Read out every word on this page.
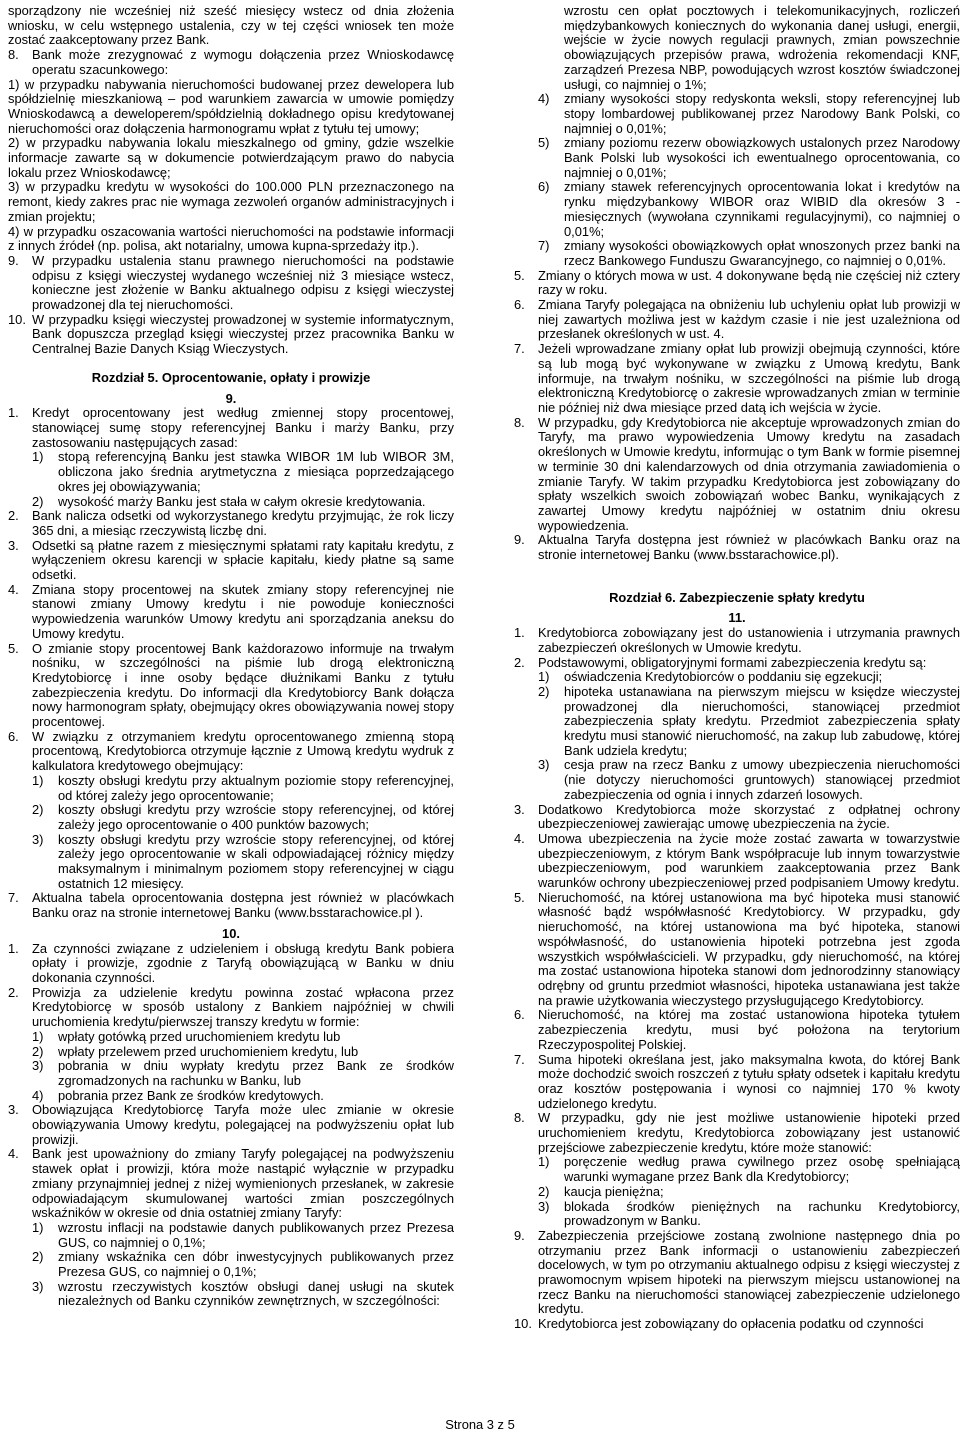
sporządzony nie wcześniej niż sześć miesięcy wstecz od dnia złożenia wniosku, w celu wstępnego ustalenia, czy w tej części wniosek ten może zostać zaakceptowany przez Bank.

8.	Bank może zrezygnować z wymogu dołączenia przez Wnioskodawcę operatu szacunkowego:

1) w przypadku nabywania nieruchomości budowanej przez dewelopera lub spółdzielnię mieszkaniową – pod warunkiem zawarcia w umowie pomiędzy Wnioskodawcą a deweloperem/spółdzielnią dokładnego opisu kredytowanej nieruchomości oraz dołączenia harmonogramu wpłat z tytułu tej umowy;

2) w przypadku nabywania lokalu mieszkalnego od gminy, gdzie wszelkie informacje zawarte są w dokumencie potwierdzającym prawo do nabycia lokalu przez Wnioskodawcę;

3) w przypadku kredytu w wysokości do 100.000 PLN przeznaczonego na remont, kiedy zakres prac nie wymaga zezwoleń organów administracyjnych i zmian projektu;

4) w przypadku oszacowania wartości nieruchomości na podstawie informacji z innych źródeł (np. polisa, akt notarialny, umowa kupna-sprzedaży itp.).

9.	W przypadku ustalenia stanu prawnego nieruchomości na podstawie odpisu z księgi wieczystej wydanego wcześniej niż 3 miesiące wstecz, konieczne jest złożenie w Banku aktualnego odpisu z księgi wieczystej prowadzonej dla tej nieruchomości.
10. W przypadku księgi wieczystej prowadzonej w systemie informatycznym, Bank dopuszcza przegląd księgi wieczystej przez pracownika Banku w Centralnej Bazie Danych Ksiąg Wieczystych.

Rozdział 5. Oprocentowanie, opłaty i prowizje

9.

1.	Kredyt oprocentowany jest według zmiennej stopy procentowej, stanowiącej sumę stopy referencyjnej Banku i marży Banku, przy zastosowaniu następujących zasad:
1)	stopą referencyjną Banku jest stawka WIBOR 1M lub WIBOR 3M, obliczona jako średnia arytmetyczna z miesiąca poprzedzającego okres jej obowiązywania;
2)	wysokość marży Banku jest stała w całym okresie kredytowania.
2.	Bank nalicza odsetki od wykorzystanego kredytu przyjmując, że rok liczy 365 dni, a miesiąc rzeczywistą liczbę dni.
3.	Odsetki są płatne razem z miesięcznymi spłatami raty kapitału kredytu, z wyłączeniem okresu karencji w spłacie kapitału, kiedy płatne są same odsetki.
4.	Zmiana stopy procentowej na skutek zmiany stopy referencyjnej nie stanowi zmiany Umowy kredytu i nie powoduje konieczności wypowiedzenia warunków Umowy kredytu ani sporządzania aneksu do Umowy kredytu.
5.	O zmianie stopy procentowej Bank każdorazowo informuje na trwałym nośniku, w szczególności na piśmie lub drogą elektroniczną Kredytobiorcę i inne osoby będące dłużnikami Banku z tytułu zabezpieczenia kredytu. Do informacji dla Kredytobiorcy Bank dołącza nowy harmonogram spłaty, obejmujący okres obowiązywania nowej stopy procentowej.
6.	W związku z otrzymaniem kredytu oprocentowanego zmienną stopą procentową, Kredytobiorca otrzymuje łącznie z Umową kredytu wydruk z kalkulatora kredytowego obejmujący:
1)	koszty obsługi kredytu przy aktualnym poziomie stopy referencyjnej, od której zależy jego oprocentowanie;
2)	koszty obsługi kredytu przy wzroście stopy referencyjnej, od której zależy jego oprocentowanie o 400 punktów bazowych;
3)	koszty obsługi kredytu przy wzroście stopy referencyjnej, od której zależy jego oprocentowanie w skali odpowiadającej różnicy między maksymalnym i minimalnym poziomem stopy referencyjnej w ciągu ostatnich 12 miesięcy.
7.	Aktualna tabela oprocentowania dostępna jest również w placówkach Banku oraz na stronie internetowej Banku (www.bsstarachowice.pl ).

10.

1.	Za czynności związane z udzieleniem i obsługą kredytu Bank pobiera opłaty i prowizje, zgodnie z Taryfą obowiązującą w Banku w dniu dokonania czynności.
2.	Prowizja za udzielenie kredytu powinna zostać wpłacona przez Kredytobiorcę w sposób ustalony z Bankiem najpóźniej w chwili uruchomienia kredytu/pierwszej transzy kredytu w formie:
1)	wpłaty gotówką przed uruchomieniem kredytu lub
2)	wpłaty przelewem przed uruchomieniem kredytu, lub
3)	pobrania w dniu wypłaty kredytu przez Bank ze środków zgromadzonych na rachunku w Banku, lub
4)	pobrania przez Bank ze środków kredytowych.
3.	Obowiązująca Kredytobiorcę Taryfa może ulec zmianie w okresie obowiązywania Umowy kredytu, polegającej na podwyższeniu opłat lub prowizji.
4.	Bank jest upoważniony do zmiany Taryfy polegającej na podwyższeniu stawek opłat i prowizji, która może nastąpić wyłącznie w przypadku zmiany przynajmniej jednej z niżej wymienionych przesłanek, w zakresie odpowiadającym skumulowanej wartości zmian poszczególnych wskaźników w okresie od dnia ostatniej zmiany Taryfy:
1)	wzrostu inflacji na podstawie danych publikowanych przez Prezesa GUS, co najmniej o 0,1%;
2)	zmiany wskaźnika cen dóbr inwestycyjnych publikowanych przez Prezesa GUS, co najmniej o 0,1%;
3)	wzrostu rzeczywistych kosztów obsługi danej usługi na skutek niezależnych od Banku czynników zewnętrznych, w szczególności:
wzrostu cen opłat pocztowych i telekomunikacyjnych, rozliczeń międzybankowych koniecznych do wykonania danej usługi, energii, wejście w życie nowych regulacji prawnych, zmian powszechnie obowiązujących przepisów prawa, wdrożenia rekomendacji KNF, zarządzeń Prezesa NBP, powodujących wzrost kosztów świadczonej usługi, co najmniej o 1%;
4)	zmiany wysokości stopy redyskonta weksli, stopy referencyjnej lub stopy lombardowej publikowanej przez Narodowy Bank Polski, co najmniej o 0,01%;
5)	zmiany poziomu rezerw obowiązkowych ustalonych przez Narodowy Bank Polski lub wysokości ich ewentualnego oprocentowania, co najmniej o 0,01%;
6)	zmiany stawek referencyjnych oprocentowania lokat i kredytów na rynku międzybankowy WIBOR oraz WIBID dla okresów 3 - miesięcznych (wywołana czynnikami regulacyjnymi), co najmniej o 0,01%;
7)	zmiany wysokości obowiązkowych opłat wnoszonych przez banki na rzecz Bankowego Funduszu Gwarancyjnego, co najmniej o 0,01%.
5.	Zmiany o których mowa w ust. 4 dokonywane będą nie częściej niż cztery razy w roku.
6.	Zmiana Taryfy polegająca na obniżeniu lub uchyleniu opłat lub prowizji w niej zawartych możliwa jest w każdym czasie i nie jest uzależniona od przesłanek określonych w ust. 4.
7.	Jeżeli wprowadzane zmiany opłat lub prowizji obejmują czynności, które są lub mogą być wykonywane w związku z Umową kredytu, Bank informuje, na trwałym nośniku, w szczególności na piśmie lub drogą elektroniczną Kredytobiorcę o zakresie wprowadzanych zmian w terminie nie później niż dwa miesiące przed datą ich wejścia w życie.
8.	W przypadku, gdy Kredytobiorca nie akceptuje wprowadzonych zmian do Taryfy, ma prawo wypowiedzenia Umowy kredytu na zasadach określonych w Umowie kredytu, informując o tym Bank w formie pisemnej w terminie 30 dni kalendarzowych od dnia otrzymania zawiadomienia o zmianie Taryfy. W takim przypadku Kredytobiorca jest zobowiązany do spłaty wszelkich swoich zobowiązań wobec Banku, wynikających z zawartej Umowy kredytu najpóźniej w ostatnim dniu okresu wypowiedzenia.
9.	Aktualna Taryfa dostępna jest również w placówkach Banku oraz na stronie internetowej Banku (www.bsstarachowice.pl).

Rozdział 6. Zabezpieczenie spłaty kredytu

11.

1.	Kredytobiorca zobowiązany jest do ustanowienia i utrzymania prawnych zabezpieczeń określonych w Umowie kredytu.
2.	Podstawowymi, obligatoryjnymi formami zabezpieczenia kredytu są:
1)	oświadczenia Kredytobiorców o poddaniu się egzekucji;
2)	hipoteka ustanawiana na pierwszym miejscu w księdze wieczystej prowadzonej dla nieruchomości, stanowiącej przedmiot zabezpieczenia spłaty kredytu. Przedmiot zabezpieczenia spłaty kredytu musi stanowić nieruchomość, na zakup lub zabudowę, której Bank udziela kredytu;
3)	cesja praw na rzecz Banku z umowy ubezpieczenia nieruchomości (nie dotyczy nieruchomości gruntowych) stanowiącej przedmiot zabezpieczenia od ognia i innych zdarzeń losowych.
3.	Dodatkowo Kredytobiorca może skorzystać z odpłatnej ochrony ubezpieczeniowej zawierając umowę ubezpieczenia na życie.
4.	Umowa ubezpieczenia na życie może zostać zawarta w towarzystwie ubezpieczeniowym, z którym Bank współpracuje lub innym towarzystwie ubezpieczeniowym, pod warunkiem zaakceptowania przez Bank warunków ochrony ubezpieczeniowej przed podpisaniem Umowy kredytu.
5.	Nieruchomość, na której ustanowiona ma być hipoteka musi stanowić własność bądź współwłasność Kredytobiorcy. W przypadku, gdy nieruchomość, na której ustanowiona ma być hipoteka, stanowi współwłasność, do ustanowienia hipoteki potrzebna jest zgoda wszystkich współwłaścicieli. W przypadku, gdy nieruchomość, na której ma zostać ustanowiona hipoteka stanowi dom jednorodzinny stanowiący odrębny od gruntu przedmiot własności, hipoteka ustanawiana jest także na prawie użytkowania wieczystego przysługującego Kredytobiorcy.
6.	Nieruchomość, na której ma zostać ustanowiona hipoteka tytułem zabezpieczenia kredytu, musi być położona na terytorium Rzeczypospolitej Polskiej.
7.	Suma hipoteki określana jest, jako maksymalna kwota, do której Bank może dochodzić swoich roszczeń z tytułu spłaty odsetek i kapitału kredytu oraz kosztów postępowania i wynosi co najmniej 170 % kwoty udzielonego kredytu.
8.	W przypadku, gdy nie jest możliwe ustanowienie hipoteki przed uruchomieniem kredytu, Kredytobiorca zobowiązany jest ustanowić przejściowe zabezpieczenie kredytu, które może stanowić:
1)	poręczenie według prawa cywilnego przez osobę spełniającą warunki wymagane przez Bank dla Kredytobiorcy;
2)	kaucja pieniężna;
3)	blokada środków pieniężnych na rachunku Kredytobiorcy, prowadzonym w Banku.
9.	Zabezpieczenia przejściowe zostaną zwolnione następnego dnia po otrzymaniu przez Bank informacji o ustanowieniu zabezpieczeń docelowych, w tym po otrzymaniu aktualnego odpisu z księgi wieczystej z prawomocnym wpisem hipoteki na pierwszym miejscu ustanowionej na rzecz Banku na nieruchomości stanowiącej zabezpieczenie udzielonego kredytu.
10. Kredytobiorca jest zobowiązany do opłacenia podatku od czynności
Strona 3 z 5
